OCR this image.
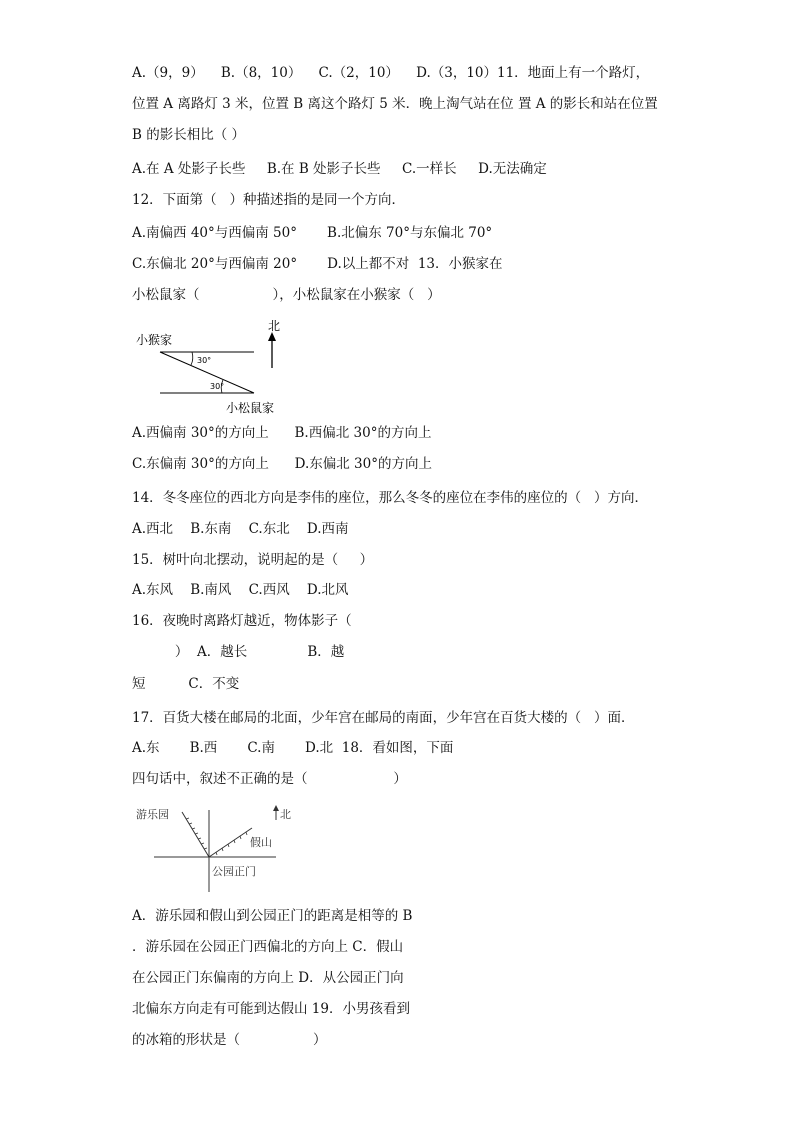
A.（9，9）    B.（8，10）    C.（2，10）    D.（3，10）11．地面上有一个路灯，
位置 A 离路灯 3 米，位置 B 离这个路灯 5 米．晚上淘气站在位 置 A 的影长和站在位置
B 的影长相比（ ）
A.在 A 处影子长些     B.在 B 处影子长些     C.一样长     D.无法确定
12．下面第（   ）种描述指的是同一个方向．
A.南偏西 40°与西偏南 50°       B.北偏东 70°与东偏北 70°
C.东偏北 20°与西偏南 20°       D.以上都不对  13．小猴家在
小松鼠家（                 ），小松鼠家在小猴家（   ）
小猴家
30°
30°
小松鼠家
北
A.西偏南 30°的方向上      B.西偏北 30°的方向上
C.东偏南 30°的方向上      D.东偏北 30°的方向上
14．冬冬座位的西北方向是李伟的座位，那么冬冬的座位在李伟的座位的（   ）方向．
A.西北    B.东南    C.东北    D.西南
15．树叶向北摆动，说明起的是（     ）
A.东风    B.南风    C.西风    D.北风
16．夜晚时离路灯越近，物体影子（
）  A．越长              B．越
短          C．不变
17．百货大楼在邮局的北面，少年宫在邮局的南面，少年宫在百货大楼的（   ）面．
A.东       B.西       C.南       D.北  18．看如图，下面
四句话中，叙述不正确的是（                    ）
游乐园	北
假山
公园正门
A．游乐园和假山到公园正门的距离是相等的 B
．游乐园在公园正门西偏北的方向上 C．假山
在公园正门东偏南的方向上 D．从公园正门向
北偏东方向走有可能到达假山 19．小男孩看到
的冰箱的形状是（                 ）
